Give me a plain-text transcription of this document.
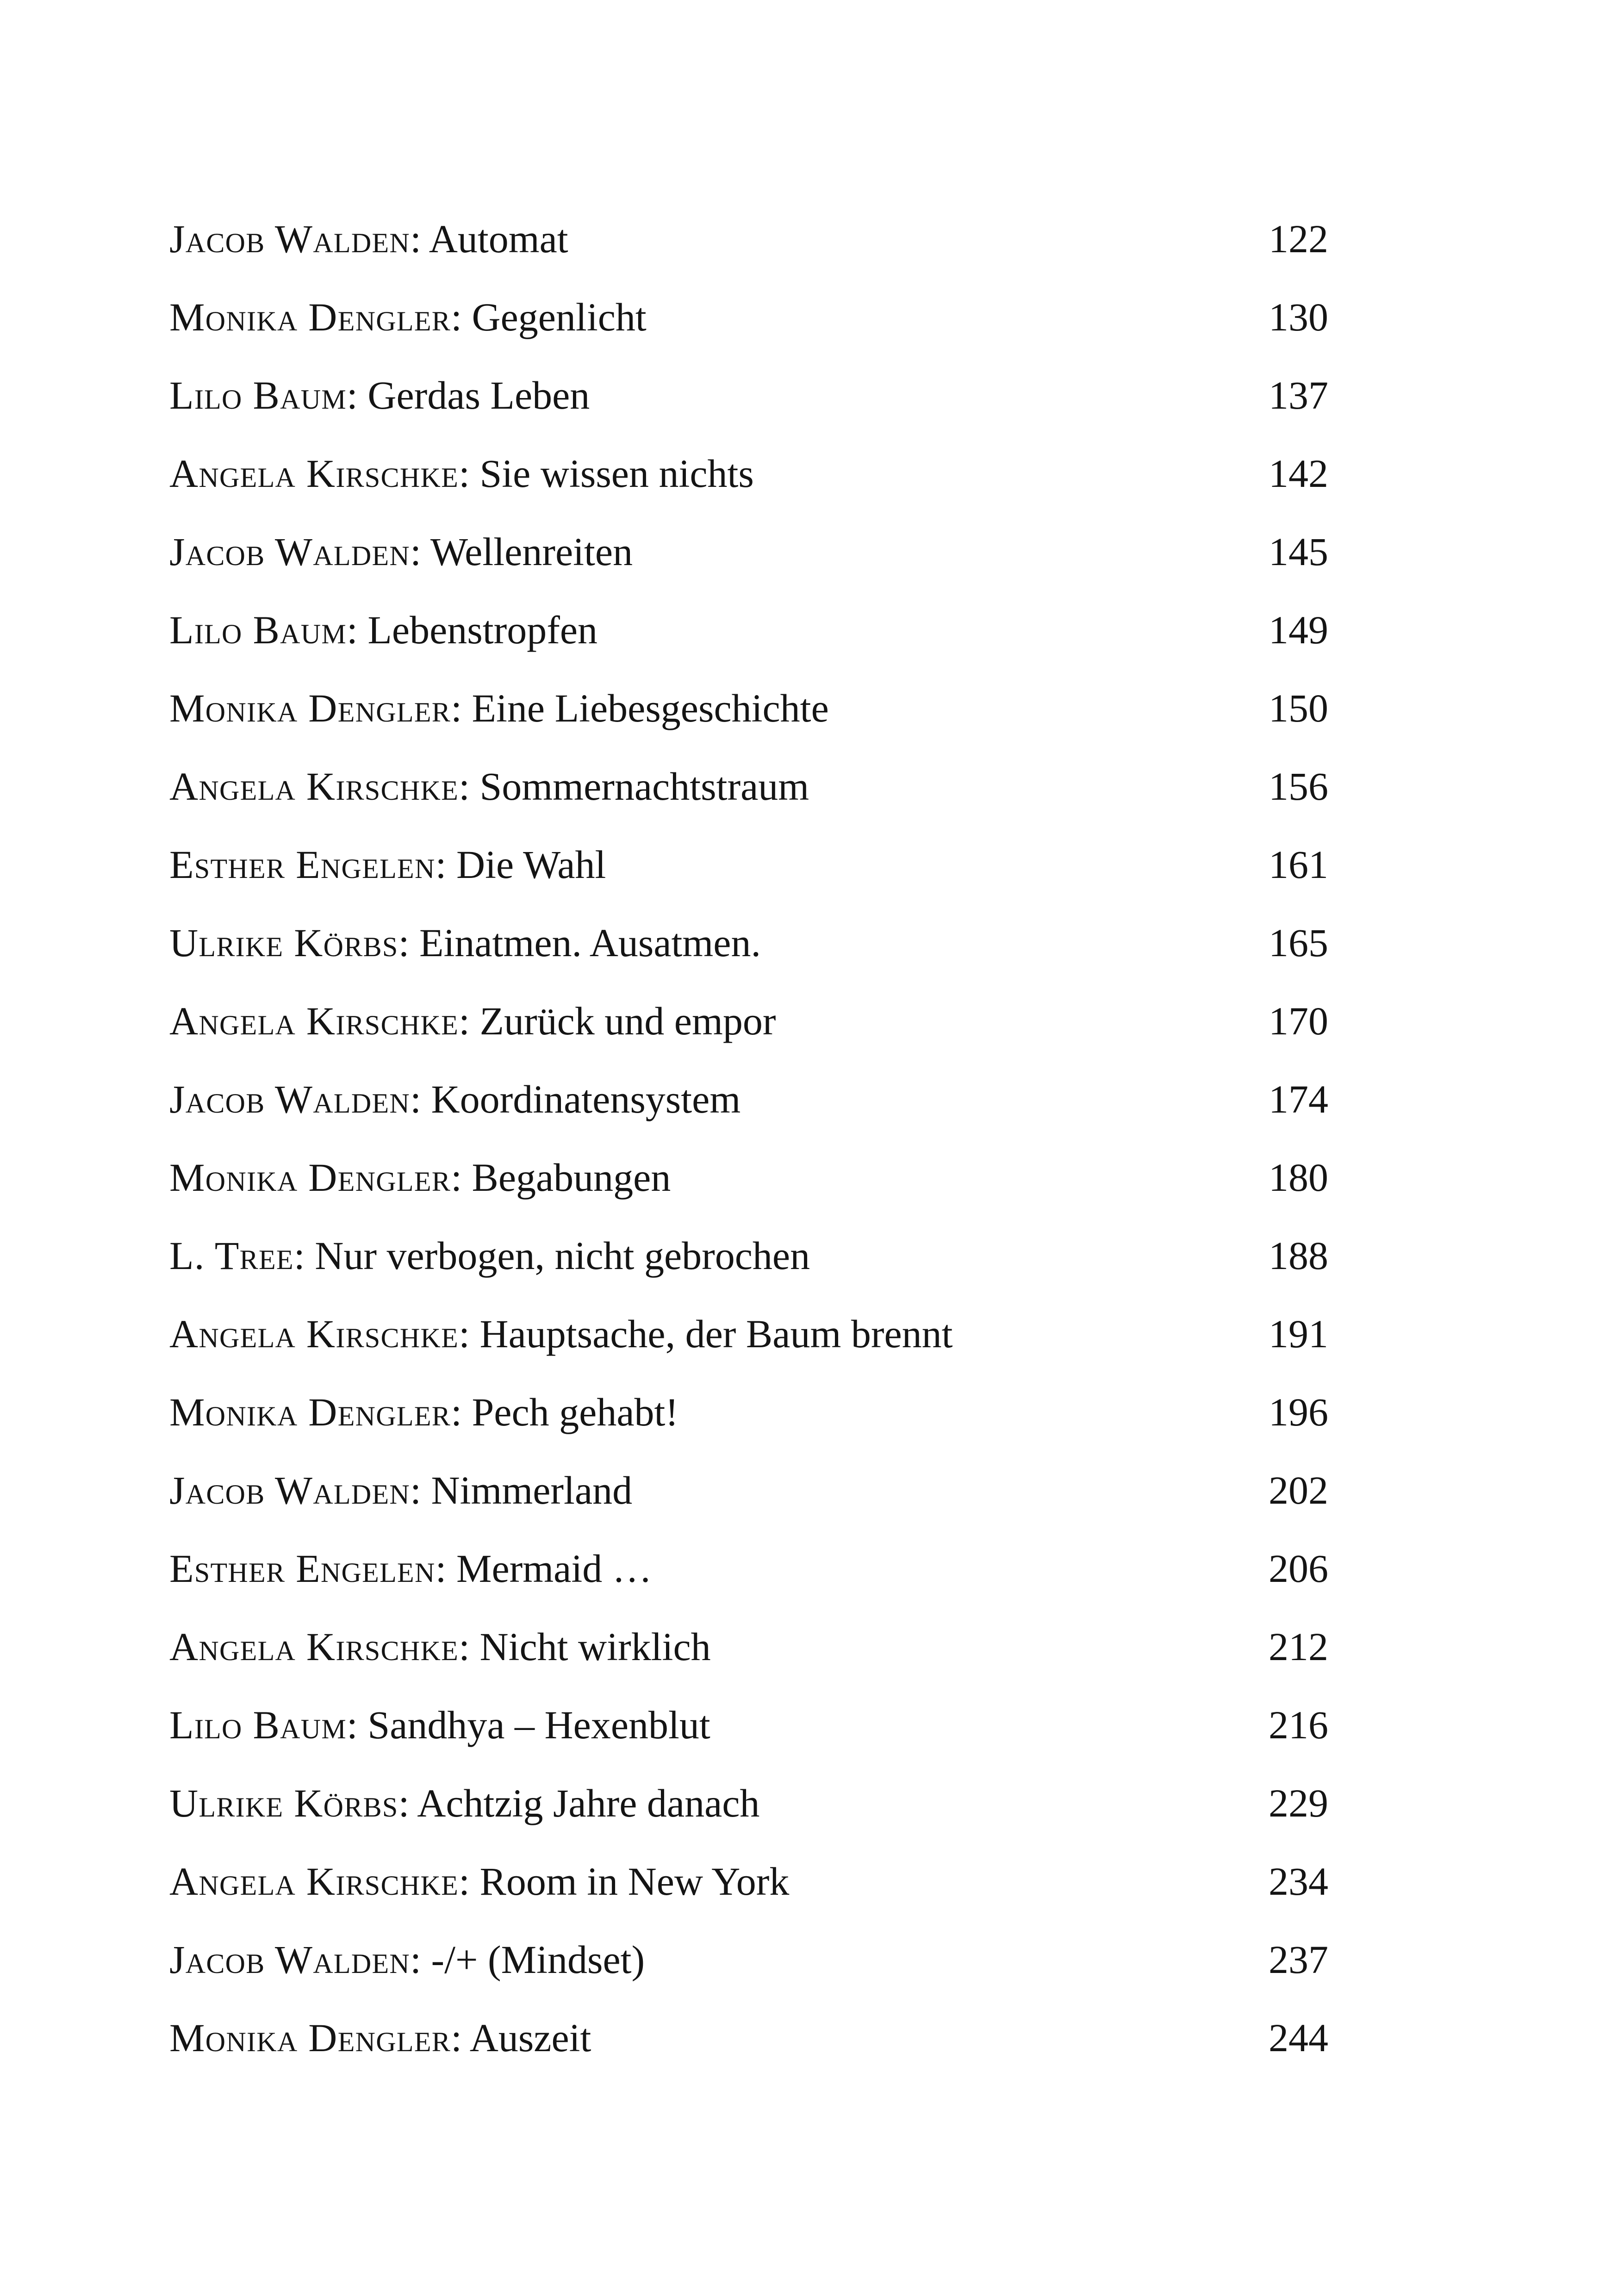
Jacob Walden: Automat	122
Monika Dengler: Gegenlicht	130
Lilo Baum: Gerdas Leben	137
Angela Kirschke: Sie wissen nichts	142
Jacob Walden: Wellenreiten	145
Lilo Baum: Lebenstropfen	149
Monika Dengler: Eine Liebesgeschichte	150
Angela Kirschke: Sommernachtstraum	156
Esther Engelen: Die Wahl	161
Ulrike Körbs: Einatmen. Ausatmen.	165
Angela Kirschke: Zurück und empor	170
Jacob Walden: Koordinatensystem	174
Monika Dengler: Begabungen	180
L. Tree: Nur verbogen, nicht gebrochen	188
Angela Kirschke: Hauptsache, der Baum brennt	191
Monika Dengler: Pech gehabt!	196
Jacob Walden: Nimmerland	202
Esther Engelen: Mermaid …	206
Angela Kirschke: Nicht wirklich	212
Lilo Baum: Sandhya – Hexenblut	216
Ulrike Körbs: Achtzig Jahre danach	229
Angela Kirschke: Room in New York	234
Jacob Walden: -/+ (Mindset)	237
Monika Dengler: Auszeit	244
